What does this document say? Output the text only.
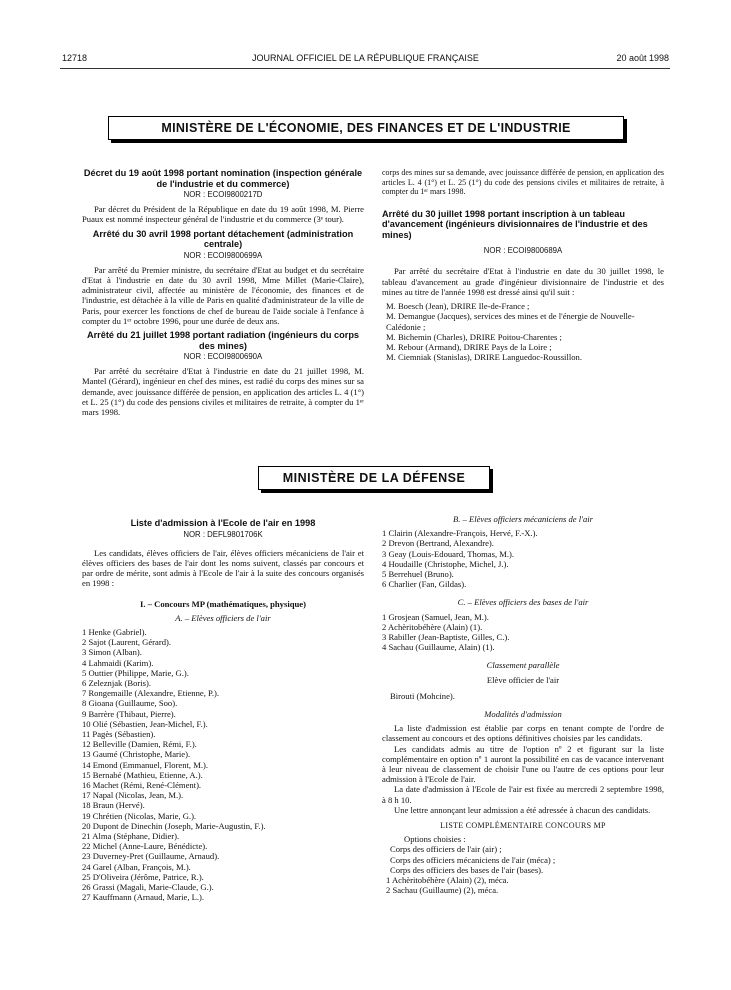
12718	JOURNAL OFFICIEL DE LA RÉPUBLIQUE FRANÇAISE	20 août 1998
MINISTÈRE DE L'ÉCONOMIE, DES FINANCES ET DE L'INDUSTRIE
Décret du 19 août 1998 portant nomination (inspection générale de l'industrie et du commerce)
NOR : ECOI9800217D
Par décret du Président de la République en date du 19 août 1998, M. Pierre Puaux est nommé inspecteur général de l'industrie et du commerce (3ᵉ tour).
Arrêté du 30 avril 1998 portant détachement (administration centrale)
NOR : ECOI9800699A
Par arrêté du Premier ministre, du secrétaire d'Etat au budget et du secrétaire d'Etat à l'industrie en date du 30 avril 1998, Mme Millet (Marie-Claire), administrateur civil, affectée au ministère de l'économie, des finances et de l'industrie, est détachée à la ville de Paris en qualité d'administrateur de la ville de Paris, pour exercer les fonctions de chef de bureau de l'aide sociale à l'enfance à compter du 1ᵉʳ octobre 1996, pour une durée de deux ans.
Arrêté du 21 juillet 1998 portant radiation (ingénieurs du corps des mines)
NOR : ECOI9800690A
Par arrêté du secrétaire d'Etat à l'industrie en date du 21 juillet 1998, M. Mantel (Gérard), ingénieur en chef des mines, est radié du corps des mines sur sa demande, avec jouissance différée de pension, en application des articles L. 4 (1°) et L. 25 (1°) du code des pensions civiles et militaires de retraite, à compter du 1ᵉʳ mars 1998.
corps des mines sur sa demande, avec jouissance différée de pension, en application des articles L. 4 (1°) et L. 25 (1°) du code des pensions civiles et militaires de retraite, à compter du 1ᵉʳ mars 1998.
Arrêté du 30 juillet 1998 portant inscription à un tableau d'avancement (ingénieurs divisionnaires de l'industrie et des mines)
NOR : ECOI9800689A
Par arrêté du secrétaire d'Etat à l'industrie en date du 30 juillet 1998, le tableau d'avancement au grade d'ingénieur divisionnaire de l'industrie et des mines au titre de l'année 1998 est dressé ainsi qu'il suit :
M. Boesch (Jean), DRIRE Ile-de-France ;
M. Demangue (Jacques), services des mines et de l'énergie de Nouvelle-Calédonie ;
M. Bichemin (Charles), DRIRE Poitou-Charentes ;
M. Rebour (Armand), DRIRE Pays de la Loire ;
M. Ciemniak (Stanislas), DRIRE Languedoc-Roussillon.
MINISTÈRE DE LA DÉFENSE
Liste d'admission à l'Ecole de l'air en 1998
NOR : DEFL9801706K
Les candidats, élèves officiers de l'air, élèves officiers mécaniciens de l'air et élèves officiers des bases de l'air dont les noms suivent, classés par concours et par ordre de mérite, sont admis à l'Ecole de l'air à la suite des concours organisés en 1998 :
I. – Concours MP (mathématiques, physique)
A. – Elèves officiers de l'air
1 Henke (Gabriel).
2 Sajot (Laurent, Gérard).
3 Simon (Alban).
4 Lahmaidi (Karim).
5 Outtier (Philippe, Marie, G.).
6 Zeleznjak (Boris).
7 Rongemaille (Alexandre, Etienne, P.).
8 Gioana (Guillaume, Soo).
9 Barrère (Thibaut, Pierre).
10 Olié (Sébastien, Jean-Michel, F.).
11 Pagès (Sébastien).
12 Belleville (Damien, Rémi, F.).
13 Gaumé (Christophe, Marie).
14 Emond (Emmanuel, Florent, M.).
15 Bernabé (Mathieu, Etienne, A.).
16 Machet (Rémi, René-Clément).
17 Napal (Nicolas, Jean, M.).
18 Braun (Hervé).
19 Chrétien (Nicolas, Marie, G.).
20 Dupont de Dinechin (Joseph, Marie-Augustin, F.).
21 Alma (Stéphane, Didier).
22 Michel (Anne-Laure, Bénédicte).
23 Duverney-Pret (Guillaume, Arnaud).
24 Garel (Alban, François, M.).
25 D'Oliveira (Jérôme, Patrice, R.).
26 Grassi (Magali, Marie-Claude, G.).
27 Kauffmann (Arnaud, Marie, L.).
B. – Elèves officiers mécaniciens de l'air
1 Clairin (Alexandre-François, Hervé, F.-X.).
2 Drevon (Bertrand, Alexandre).
3 Geay (Louis-Edouard, Thomas, M.).
4 Houdaille (Christophe, Michel, J.).
5 Berrehuel (Bruno).
6 Charlier (Fan, Gildas).
C. – Elèves officiers des bases de l'air
1 Grosjean (Samuel, Jean, M.).
2 Achèritobéhère (Alain) (1).
3 Rabiller (Jean-Baptiste, Gilles, C.).
4 Sachau (Guillaume, Alain) (1).
Classement parallèle
Elève officier de l'air
Birouti (Mohcine).
Modalités d'admission
La liste d'admission est établie par corps en tenant compte de l'ordre de classement au concours et des options définitives choisies par les candidats.
Les candidats admis au titre de l'option nº 2 et figurant sur la liste complémentaire en option nº 1 auront la possibilité en cas de vacance intervenant à leur niveau de classement de choisir l'une ou l'autre de ces options pour leur admission à l'Ecole de l'air.
La date d'admission à l'Ecole de l'air est fixée au mercredi 2 septembre 1998, à 8 h 10.
Une lettre annonçant leur admission a été adressée à chacun des candidats.
LISTE COMPLÉMENTAIRE CONCOURS MP
Options choisies :
Corps des officiers de l'air (air) ;
Corps des officiers mécaniciens de l'air (méca) ;
Corps des officiers des bases de l'air (bases).
1 Achèritobéhère (Alain) (2), méca.
2 Sachau (Guillaume) (2), méca.
